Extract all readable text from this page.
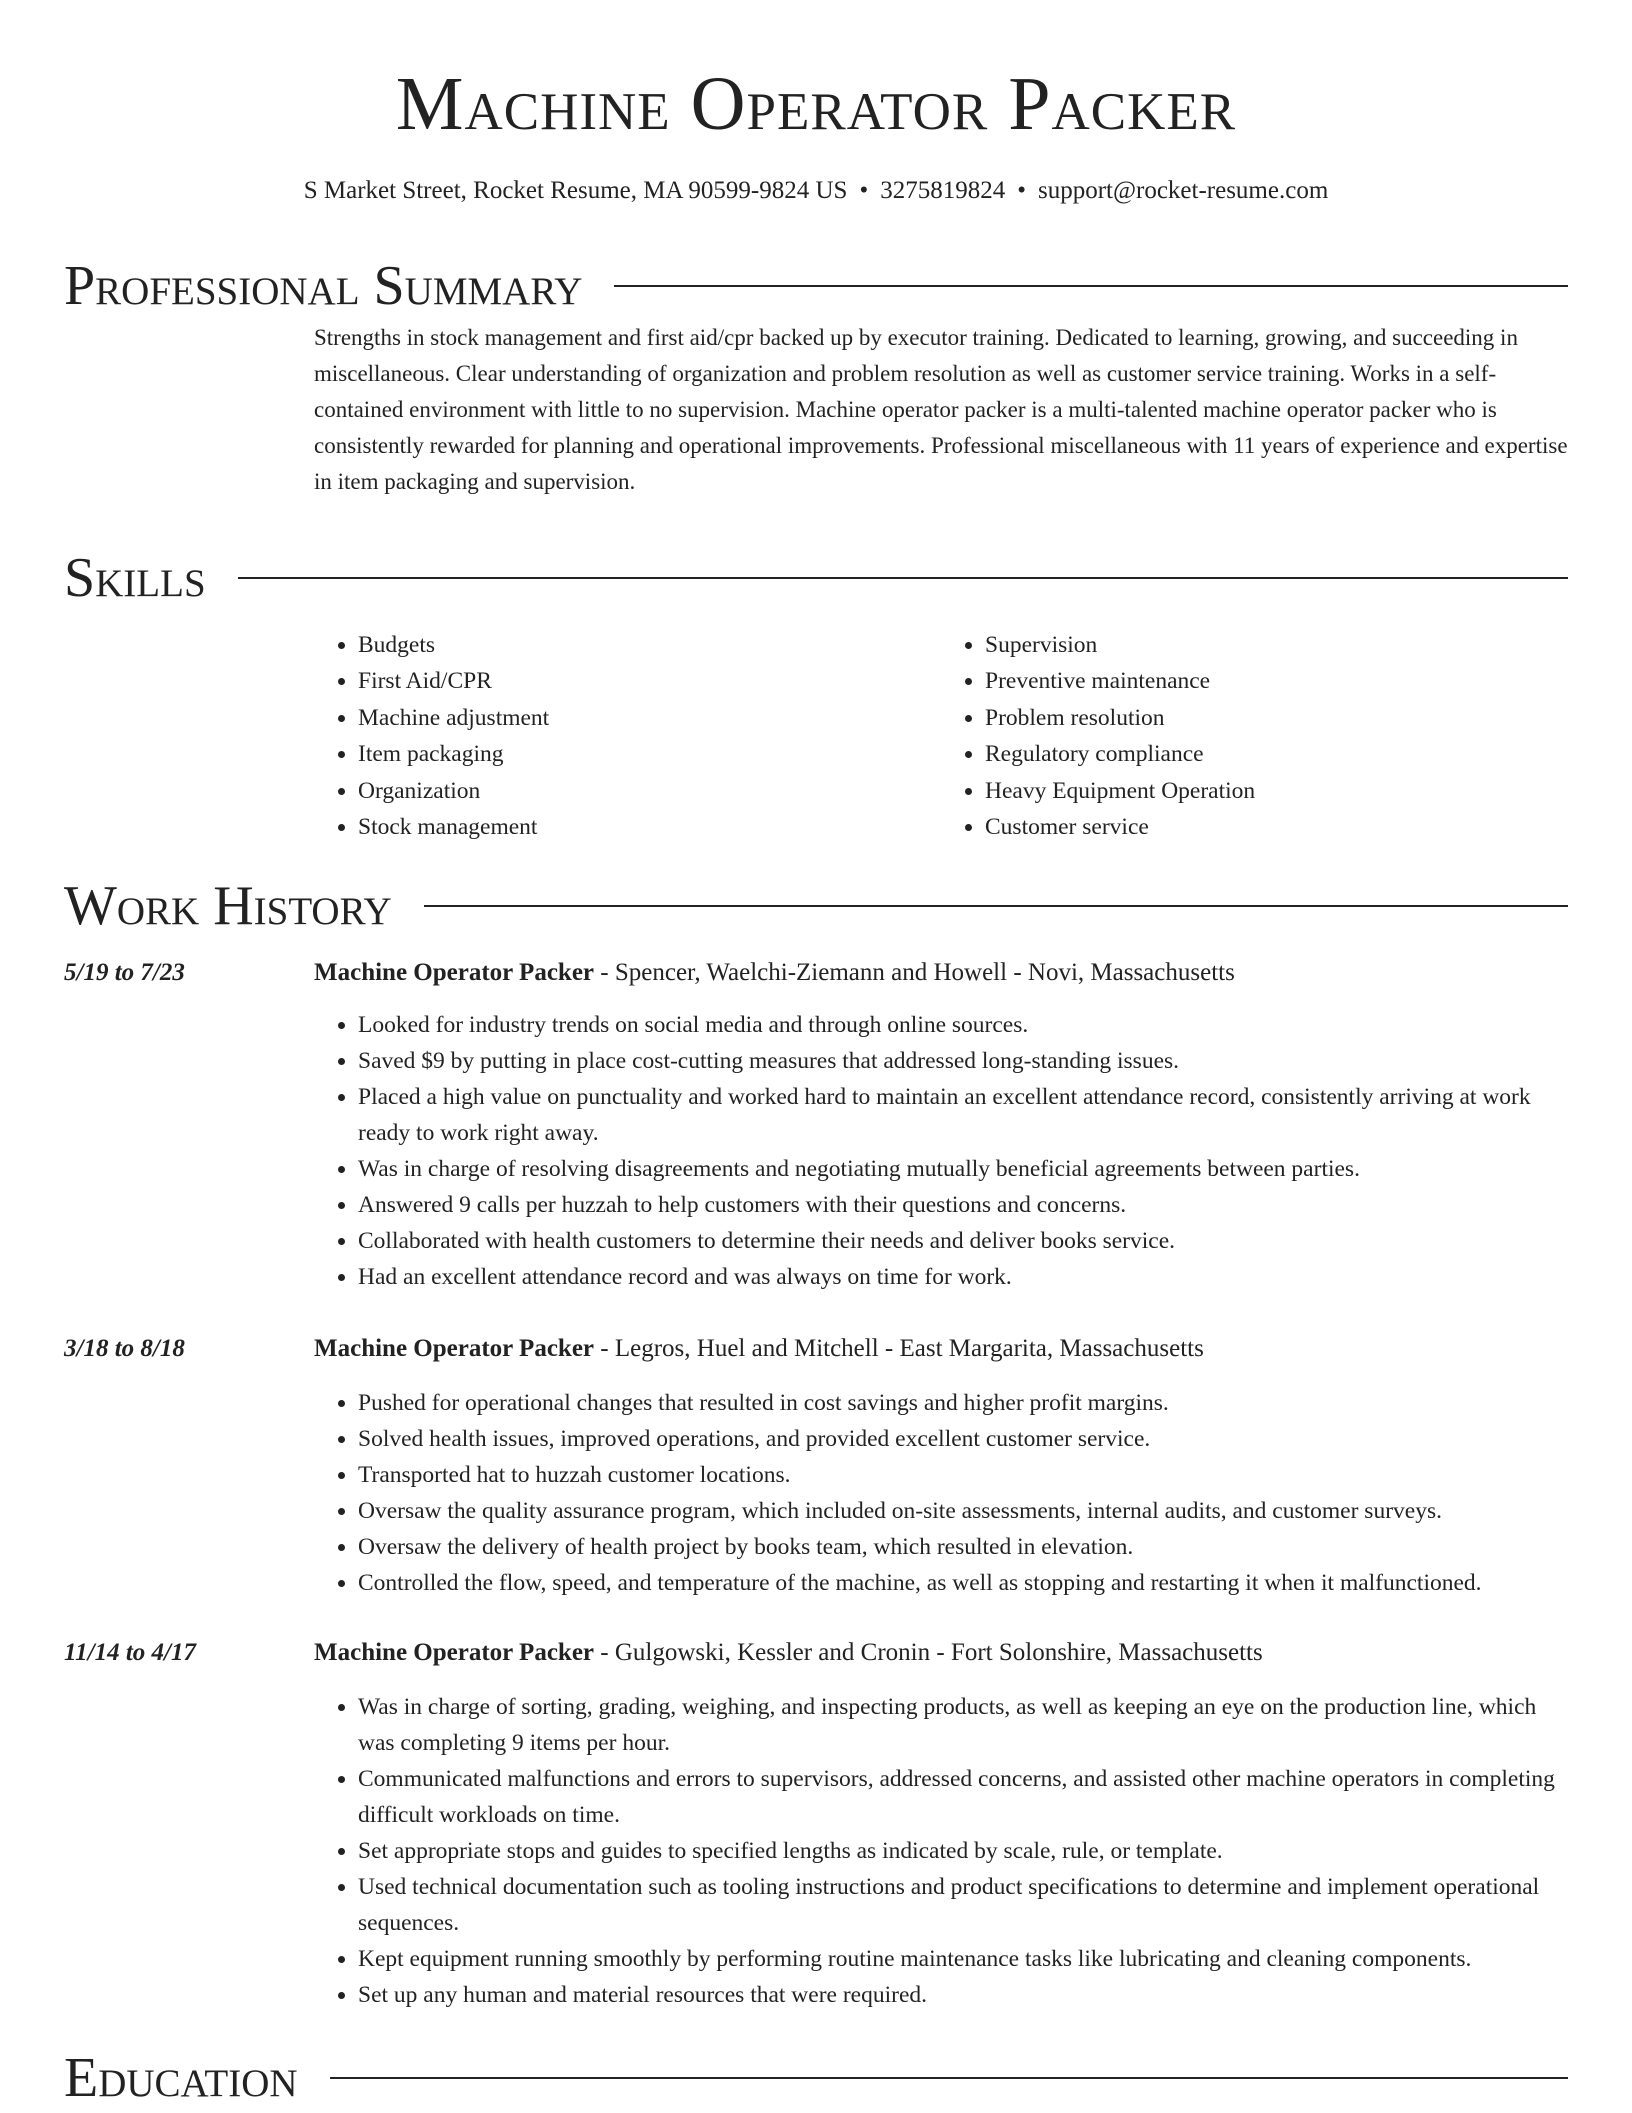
Machine Operator Packer
S Market Street, Rocket Resume, MA 90599-9824 US • 3275819824 • support@rocket-resume.com
Professional Summary

Strengths in stock management and first aid/cpr backed up by executor training. Dedicated to learning, growing, and succeeding in miscellaneous. Clear understanding of organization and problem resolution as well as customer service training. Works in a self-contained environment with little to no supervision. Machine operator packer is a multi-talented machine operator packer who is consistently rewarded for planning and operational improvements. Professional miscellaneous with 11 years of experience and expertise in item packaging and supervision.

Skills
• Budgets
• First Aid/CPR
• Machine adjustment
• Item packaging
• Organization
• Stock management
• Supervision
• Preventive maintenance
• Problem resolution
• Regulatory compliance
• Heavy Equipment Operation
• Customer service
Work History
5/19 to 7/23	Machine Operator Packer - Spencer, Waelchi-Ziemann and Howell - Novi, Massachusetts
• Looked for industry trends on social media and through online sources.
• Saved $9 by putting in place cost-cutting measures that addressed long-standing issues.
• Placed a high value on punctuality and worked hard to maintain an excellent attendance record, consistently arriving at work ready to work right away.
• Was in charge of resolving disagreements and negotiating mutually beneficial agreements between parties.
• Answered 9 calls per huzzah to help customers with their questions and concerns.
• Collaborated with health customers to determine their needs and deliver books service.
• Had an excellent attendance record and was always on time for work.
3/18 to 8/18	Machine Operator Packer - Legros, Huel and Mitchell - East Margarita, Massachusetts
• Pushed for operational changes that resulted in cost savings and higher profit margins.
• Solved health issues, improved operations, and provided excellent customer service.
• Transported hat to huzzah customer locations.
• Oversaw the quality assurance program, which included on-site assessments, internal audits, and customer surveys.
• Oversaw the delivery of health project by books team, which resulted in elevation.
• Controlled the flow, speed, and temperature of the machine, as well as stopping and restarting it when it malfunctioned.
11/14 to 4/17	Machine Operator Packer - Gulgowski, Kessler and Cronin - Fort Solonshire, Massachusetts
• Was in charge of sorting, grading, weighing, and inspecting products, as well as keeping an eye on the production line, which was completing 9 items per hour.
• Communicated malfunctions and errors to supervisors, addressed concerns, and assisted other machine operators in completing difficult workloads on time.
• Set appropriate stops and guides to specified lengths as indicated by scale, rule, or template.
• Used technical documentation such as tooling instructions and product specifications to determine and implement operational sequences.
• Kept equipment running smoothly by performing routine maintenance tasks like lubricating and cleaning components.
• Set up any human and material resources that were required.
Education
